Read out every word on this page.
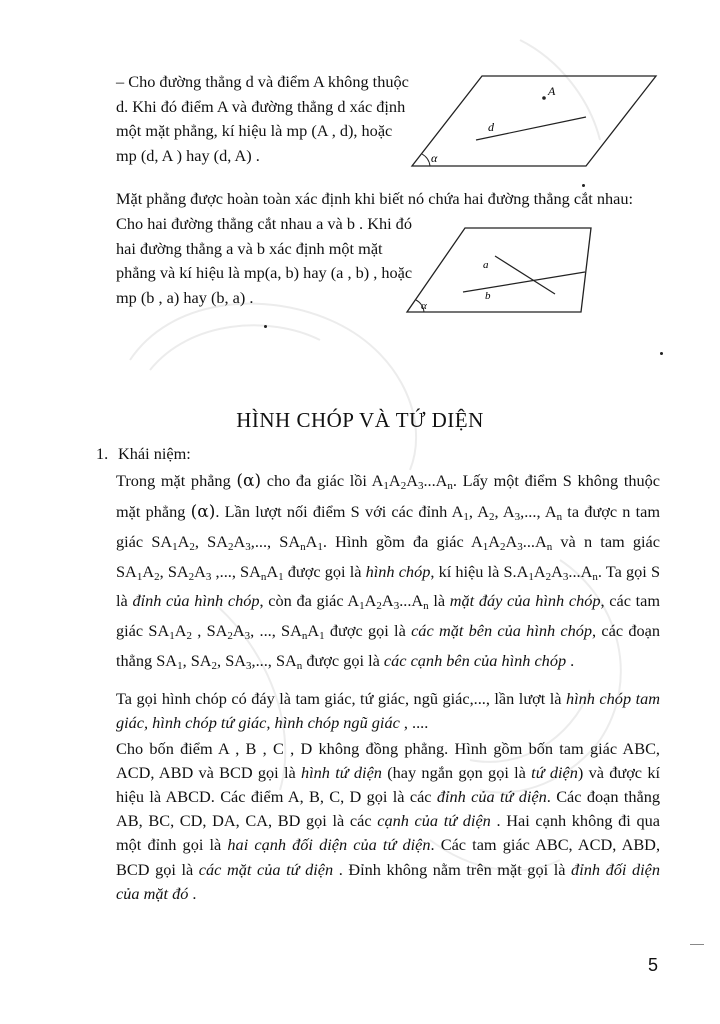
– Cho đường thẳng d và điểm A không thuộc d. Khi đó điểm A và đường thẳng d xác định một mặt phẳng, kí hiệu là mp (A , d), hoặc mp (d, A ) hay (d, A) .
A
d
α
Mặt phẳng được hoàn toàn xác định khi biết nó chứa hai đường thẳng cắt nhau:
Cho hai đường thẳng cắt nhau a và b . Khi đó hai đường thẳng a và b xác định một mặt phẳng và kí hiệu là mp(a, b) hay (a , b) , hoặc mp (b , a) hay (b, a) .
a
b
α
HÌNH CHÓP VÀ TỨ DIỆN
1. Khái niệm:

Trong mặt phẳng (α) cho đa giác lồi $A_1A_2A_3...A_n$. Lấy một điểm S không thuộc mặt phẳng (α). Lần lượt nối điểm S với các đỉnh $A_1$, $A_2$, $A_3$,..., $A_n$ ta được n tam giác $SA_1A_2$, $SA_2A_3$,..., $SA_nA_1$. Hình gồm đa giác $A_1A_2A_3...A_n$ và n tam giác $SA_1A_2$, $SA_2A_3$ ,..., $SA_nA_1$ được gọi là hình chóp, kí hiệu là $S.A_1A_2A_3...A_n$. Ta gọi S là đỉnh của hình chóp, còn đa giác $A_1A_2A_3...A_n$ là mặt đáy của hình chóp, các tam giác $SA_1A_2$ , $SA_2A_3$, ..., $SA_nA_1$ được gọi là các mặt bên của hình chóp, các đoạn thẳng $SA_1$, $SA_2$, $SA_3$,..., $SA_n$ được gọi là các cạnh bên của hình chóp .

Ta gọi hình chóp có đáy là tam giác, tứ giác, ngũ giác,..., lần lượt là hình chóp tam giác, hình chóp tứ giác, hình chóp ngũ giác , ....

Cho bốn điểm A , B , C , D không đồng phẳng. Hình gồm bốn tam giác ABC, ACD, ABD và BCD gọi là hình tứ diện (hay ngắn gọn gọi là tứ diện) và được kí hiệu là ABCD. Các điểm A, B, C, D gọi là các đỉnh của tứ diện. Các đoạn thẳng AB, BC, CD, DA, CA, BD gọi là các cạnh của tứ diện . Hai cạnh không đi qua một đỉnh gọi là hai cạnh đối diện của tứ diện. Các tam giác ABC, ACD, ABD, BCD gọi là các mặt của tứ diện . Đỉnh không nằm trên mặt gọi là đỉnh đối diện của mặt đó .

5
